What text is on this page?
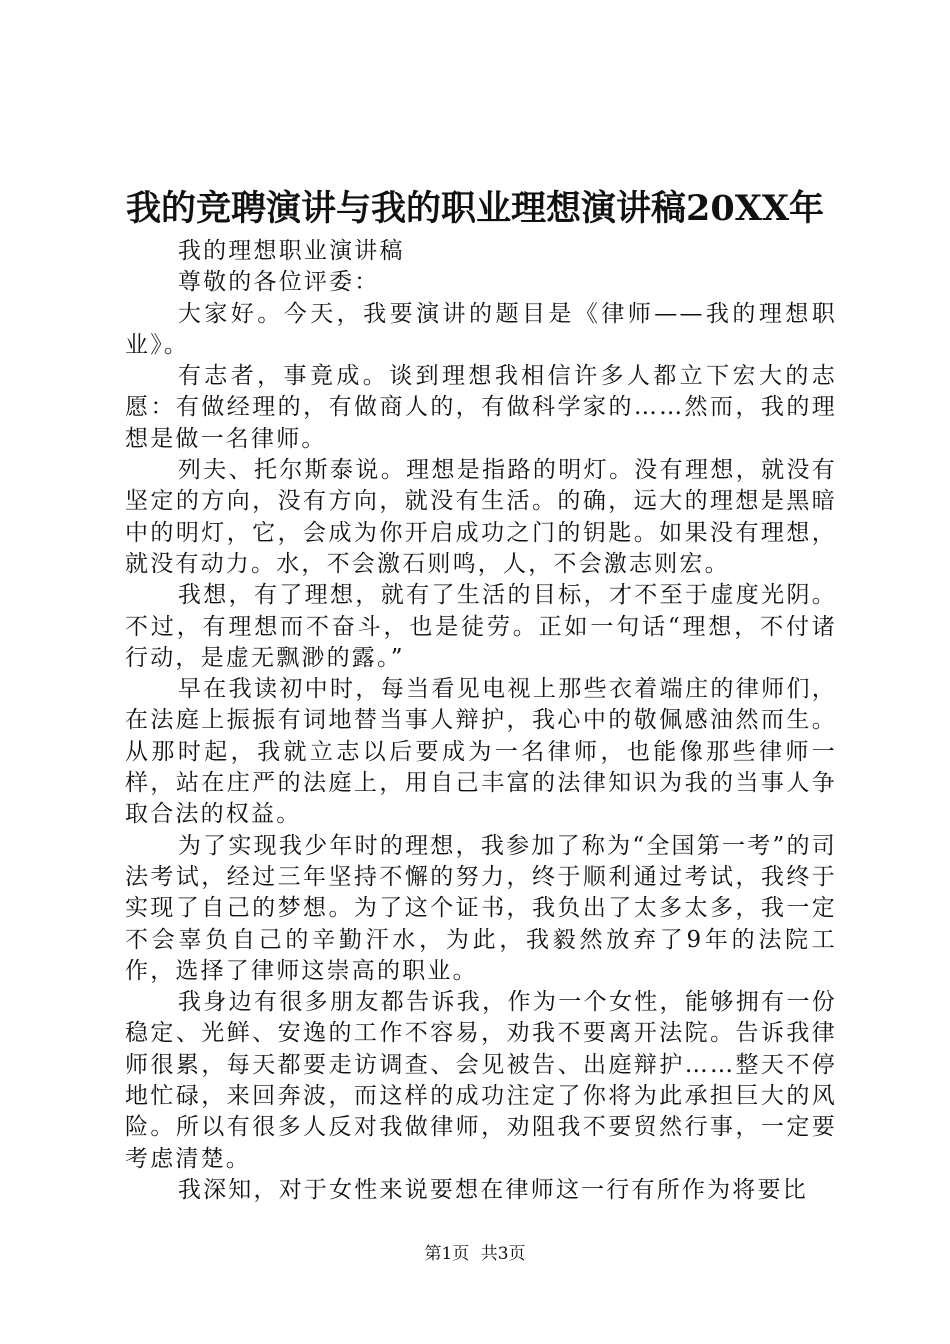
我的竞聘演讲与我的职业理想演讲稿20XX年

我的理想职业演讲稿

尊敬的各位评委：

大家好。今天，我要演讲的题目是《律师——我的理想职业》。

有志者，事竟成。谈到理想我相信许多人都立下宏大的志愿：有做经理的，有做商人的，有做科学家的……然而，我的理想是做一名律师。

列夫、托尔斯泰说。理想是指路的明灯。没有理想，就没有坚定的方向，没有方向，就没有生活。的确，远大的理想是黑暗中的明灯，它，会成为你开启成功之门的钥匙。如果没有理想，就没有动力。水，不会激石则鸣，人，不会激志则宏。

我想，有了理想，就有了生活的目标，才不至于虚度光阴。不过，有理想而不奋斗，也是徒劳。正如一句话“理想，不付诸行动，是虚无飘渺的露。”

早在我读初中时，每当看见电视上那些衣着端庄的律师们，在法庭上振振有词地替当事人辩护，我心中的敬佩感油然而生。从那时起，我就立志以后要成为一名律师，也能像那些律师一样，站在庄严的法庭上，用自己丰富的法律知识为我的当事人争取合法的权益。

为了实现我少年时的理想，我参加了称为“全国第一考”的司法考试，经过三年坚持不懈的努力，终于顺利通过考试，我终于实现了自己的梦想。为了这个证书，我负出了太多太多，我一定不会辜负自己的辛勤汗水，为此，我毅然放弃了9年的法院工作，选择了律师这崇高的职业。

我身边有很多朋友都告诉我，作为一个女性，能够拥有一份稳定、光鲜、安逸的工作不容易，劝我不要离开法院。告诉我律师很累，每天都要走访调查、会见被告、出庭辩护……整天不停地忙碌，来回奔波，而这样的成功注定了你将为此承担巨大的风险。所以有很多人反对我做律师，劝阻我不要贸然行事，一定要考虑清楚。

我深知，对于女性来说要想在律师这一行有所作为将要比

第1页 共3页
